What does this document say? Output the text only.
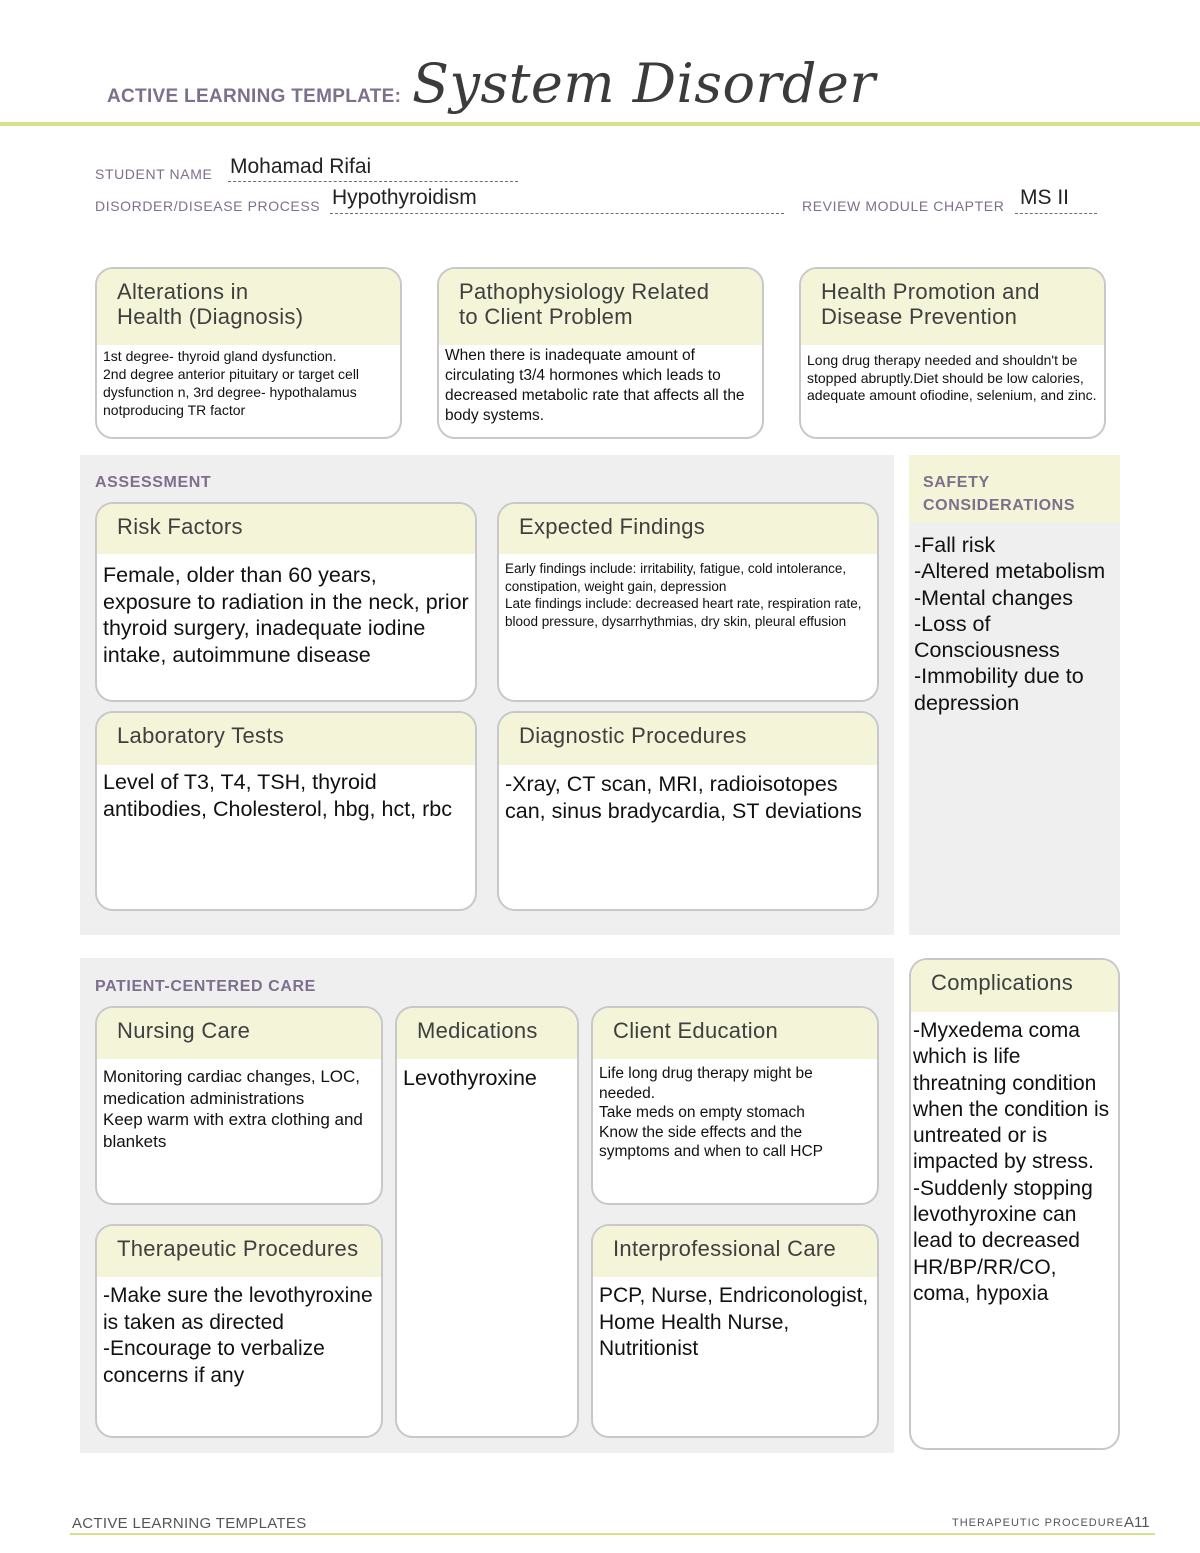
ACTIVE LEARNING TEMPLATE: System Disorder
STUDENT NAME Mohamad Rifai
DISORDER/DISEASE PROCESS Hypothyroidism	REVIEW MODULE CHAPTER MS II
Alterations in
Health (Diagnosis)
1st degree- thyroid gland dysfunction.
2nd degree anterior pituitary or target cell dysfunction n, 3rd degree- hypothalamus notproducing TR factor
Pathophysiology Related
to Client Problem
When there is inadequate amount of circulating t3/4 hormones which leads to decreased metabolic rate that affects all the body systems.
Health Promotion and
Disease Prevention
Long drug therapy needed and shouldn't be stopped abruptly.Diet should be low calories, adequate amount ofiodine, selenium, and zinc.
ASSESSMENT
Risk Factors
Female, older than 60 years, exposure to radiation in the neck, prior thyroid surgery, inadequate iodine intake, autoimmune disease
Expected Findings
Early findings include: irritability, fatigue, cold intolerance, constipation, weight gain, depression
Late findings include: decreased heart rate, respiration rate, blood pressure, dysarrhythmias, dry skin, pleural effusion
Laboratory Tests
Level of T3, T4, TSH, thyroid antibodies, Cholesterol, hbg, hct, rbc
Diagnostic Procedures
-Xray, CT scan, MRI, radioisotopes can, sinus bradycardia, ST deviations
SAFETY
CONSIDERATIONS
-Fall risk
-Altered metabolism
-Mental changes
-Loss of Consciousness
-Immobility due to depression
PATIENT-CENTERED CARE
Nursing Care
Monitoring cardiac changes, LOC, medication administrations
Keep warm with extra clothing and blankets
Medications
Levothyroxine
Client Education
Life long drug therapy might be needed.
Take meds on empty stomach
Know the side effects and the symptoms and when to call HCP
Therapeutic Procedures
-Make sure the levothyroxine is taken as directed
-Encourage to verbalize concerns if any
Interprofessional Care
PCP, Nurse, Endriconologist, Home Health Nurse, Nutritionist
Complications
-Myxedema coma which is life threatning condition when the condition is untreated or is impacted by stress.
-Suddenly stopping levothyroxine can lead to decreased HR/BP/RR/CO, coma, hypoxia
ACTIVE LEARNING TEMPLATES	THERAPEUTIC PROCEDURE A11
